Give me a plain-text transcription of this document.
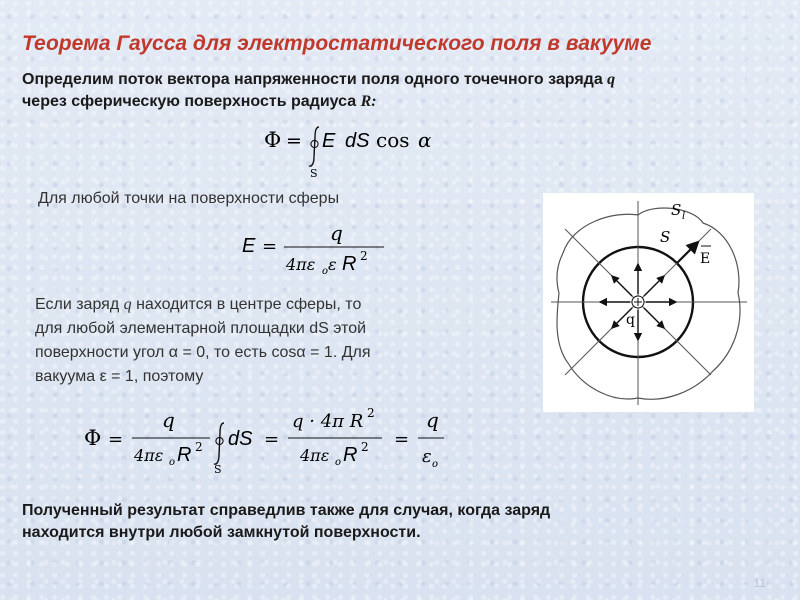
Теорема Гаусса для электростатического поля в вакууме
Определим поток вектора напряженности поля одного точечного заряда q
через сферическую поверхность радиуса R:
Φ =
S
E dS cos α
Для любой точки на поверхности сферы
E =
q
4πε o ε R 2
Если заряд q находится в центре сферы, то
для любой элементарной площадки dS этой
поверхности угол α = 0, то есть cosα = 1. Для
вакуума ε = 1, поэтому
Φ =
q
4πε o R 2
S
dS =
q · 4π R 2
4πε o R 2 =
q
ε o
S l
S
E
q
Полученный результат справедлив также для случая, когда заряд
находится внутри любой замкнутой поверхности.
11
